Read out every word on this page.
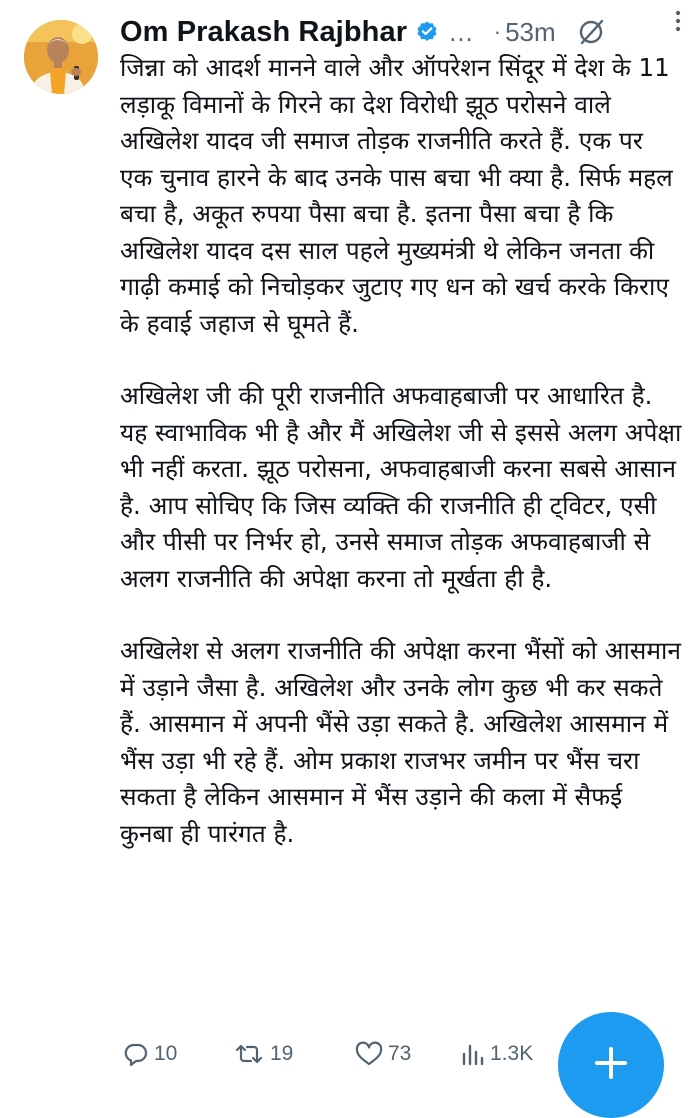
Om Prakash Rajbhar ... · 53m

जिन्ना को आदर्श मानने वाले और ऑपरेशन सिंदूर में देश के 11 लड़ाकू विमानों के गिरने का देश विरोधी झूठ परोसने वाले अखिलेश यादव जी समाज तोड़क राजनीति करते हैं. एक पर एक चुनाव हारने के बाद उनके पास बचा भी क्या है. सिर्फ महल बचा है, अकूत रुपया पैसा बचा है. इतना पैसा बचा है कि अखिलेश यादव दस साल पहले मुख्यमंत्री थे लेकिन जनता की गाढ़ी कमाई को निचोड़कर जुटाए गए धन को खर्च करके किराए के हवाई जहाज से घूमते हैं.

अखिलेश जी की पूरी राजनीति अफवाहबाजी पर आधारित है. यह स्वाभाविक भी है और मैं अखिलेश जी से इससे अलग अपेक्षा भी नहीं करता. झूठ परोसना, अफवाहबाजी करना सबसे आसान है. आप सोचिए कि जिस व्यक्ति की राजनीति ही ट्विटर, एसी और पीसी पर निर्भर हो, उनसे समाज तोड़क अफवाहबाजी से अलग राजनीति की अपेक्षा करना तो मूर्खता ही है.

अखिलेश से अलग राजनीति की अपेक्षा करना भैंसों को आसमान में उड़ाने जैसा है. अखिलेश और उनके लोग कुछ भी कर सकते हैं. आसमान में अपनी भैंसे उड़ा सकते है. अखिलेश आसमान में भैंस उड़ा भी रहे हैं. ओम प्रकाश राजभर जमीन पर भैंस चरा सकता है लेकिन आसमान में भैंस उड़ाने की कला में सैफई कुनबा ही पारंगत है.

10	19	73	1.3K
